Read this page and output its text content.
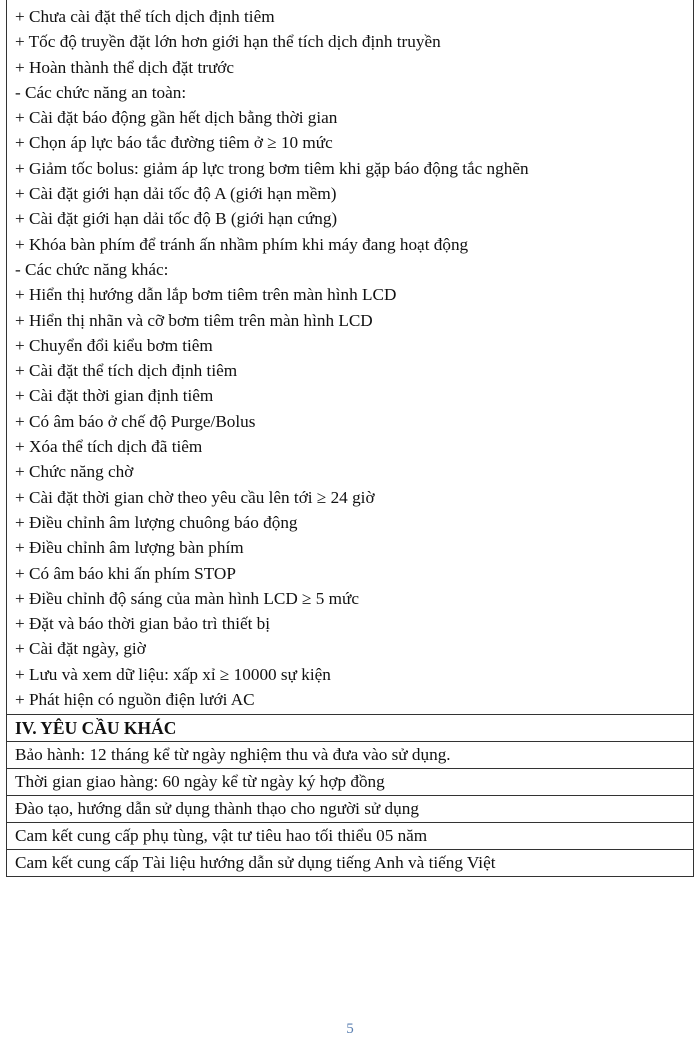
+ Chưa cài đặt thể tích dịch định tiêm
+ Tốc độ truyền đặt lớn hơn giới hạn thể tích dịch định truyền
+ Hoàn thành thể dịch đặt trước
- Các chức năng an toàn:
+ Cài đặt báo động gần hết dịch bằng thời gian
+ Chọn áp lực báo tắc đường tiêm ở ≥ 10 mức
+ Giảm tốc bolus: giảm áp lực trong bơm tiêm khi gặp báo động tắc nghẽn
+ Cài đặt giới hạn dải tốc độ A (giới hạn mềm)
+ Cài đặt giới hạn dải tốc độ B (giới hạn cứng)
+ Khóa bàn phím để tránh ấn nhầm phím khi máy đang hoạt động
- Các chức năng khác:
+ Hiển thị hướng dẫn lắp bơm tiêm trên màn hình LCD
+ Hiển thị nhãn và cỡ bơm tiêm trên màn hình LCD
+ Chuyển đổi kiểu bơm tiêm
+ Cài đặt thể tích dịch định tiêm
+ Cài đặt thời gian định tiêm
+ Có âm báo ở chế độ Purge/Bolus
+ Xóa thể tích dịch đã tiêm
+ Chức năng chờ
+ Cài đặt thời gian chờ theo yêu cầu lên tới ≥ 24 giờ
+ Điều chỉnh âm lượng chuông báo động
+ Điều chỉnh âm lượng bàn phím
+ Có âm báo khi ấn phím STOP
+ Điều chỉnh độ sáng của màn hình LCD ≥ 5 mức
+ Đặt và báo thời gian bảo trì thiết bị
+ Cài đặt ngày, giờ
+ Lưu và xem dữ liệu: xấp xỉ ≥ 10000 sự kiện
+ Phát hiện có nguồn điện lưới AC
IV. YÊU CẦU KHÁC
Bảo hành: 12 tháng kể từ ngày nghiệm thu và đưa vào sử dụng.
Thời gian giao hàng: 60 ngày kể từ ngày ký hợp đồng
Đào tạo, hướng dẫn sử dụng thành thạo cho người sử dụng
Cam kết cung cấp phụ tùng, vật tư tiêu hao tối thiểu 05 năm
Cam kết cung cấp Tài liệu hướng dẫn sử dụng tiếng Anh và tiếng Việt
5
